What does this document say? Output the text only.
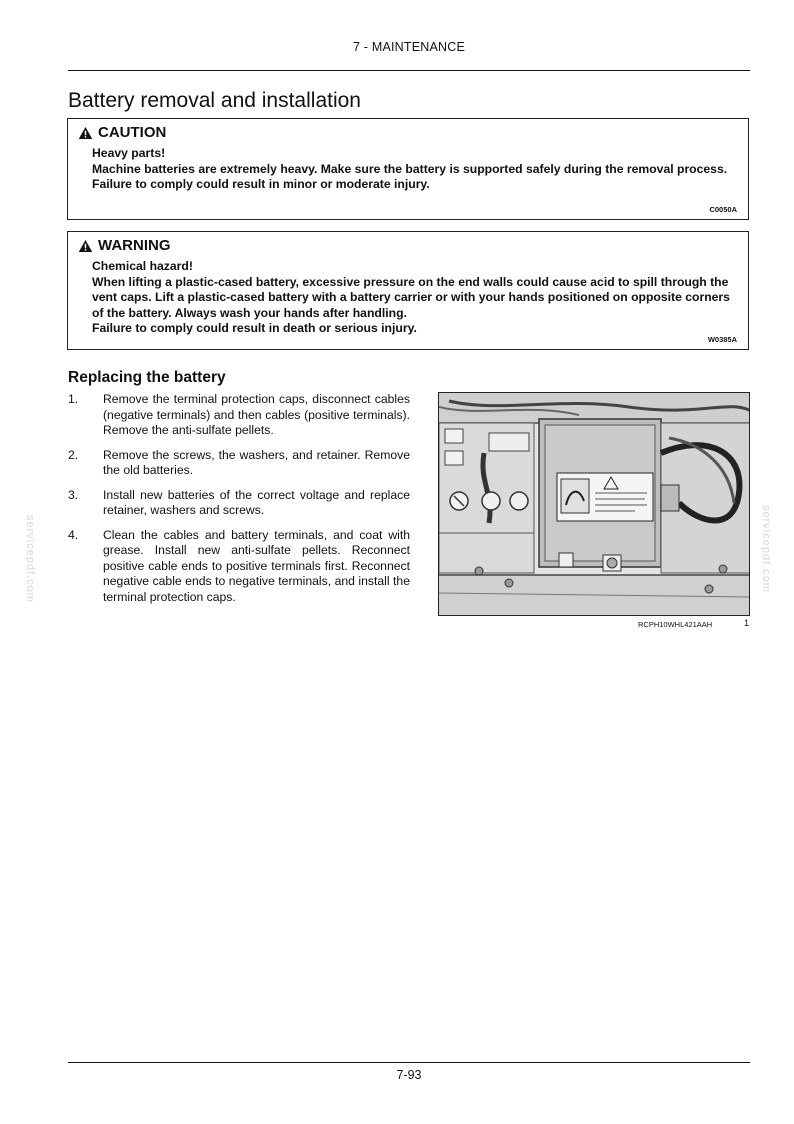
7 - MAINTENANCE
Battery removal and installation
CAUTION
Heavy parts!
Machine batteries are extremely heavy. Make sure the battery is supported safely during the removal process.
Failure to comply could result in minor or moderate injury.
C0050A
WARNING
Chemical hazard!
When lifting a plastic-cased battery, excessive pressure on the end walls could cause acid to spill through the vent caps. Lift a plastic-cased battery with a battery carrier or with your hands positioned on opposite corners of the battery. Always wash your hands after handling.
Failure to comply could result in death or serious injury.
W0385A
Replacing the battery
1.	Remove the terminal protection caps, disconnect cables (negative terminals) and then cables (positive terminals). Remove the anti-sulfate pellets.
2.	Remove the screws, the washers, and retainer. Remove the old batteries.
3.	Install new batteries of the correct voltage and replace retainer, washers and screws.
4.	Clean the cables and battery terminals, and coat with grease. Install new anti-sulfate pellets. Reconnect positive cable ends to positive terminals first. Reconnect negative cable ends to negative terminals, and install the terminal protection caps.
RCPH10WHL421AAH	1
servicepdf.com	servicepdf.com
7-93
